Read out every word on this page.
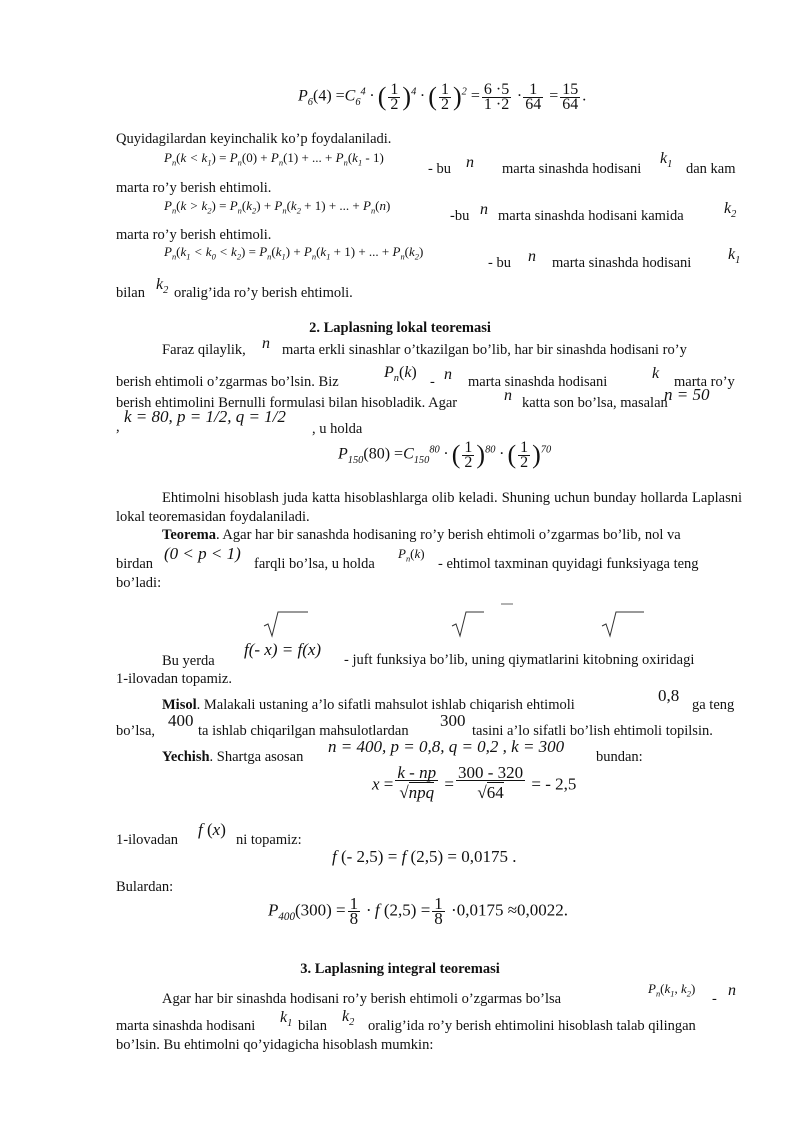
$P_6(4) =C_6^4$ · ( $\frac{1}{2} )^4$ · ( $\frac{1}{2} )^2 = \frac{6 \cdot 5}{1 \cdot 2} \cdot \frac{1}{64} = \frac{15}{64}$ .
Quyidagilardan keyinchalik ko’p foydalaniladi.
$P_n(k < k_1) = P_n(0) + P_n(1)$ + ... + $P_n(k_1 - 1)$
- bu n marta sinashda hodisani
$k_1$ dan kam
marta ro’y berish ehtimoli.
$P_n(k > k_2) = P_n(k_2) + P_n(k_2 + 1)$ + ... + $P_n(n)$
-bu n marta sinashda hodisani kamida	$k_2$
marta ro’y berish ehtimoli.
$P_n(k_1 < k_0 < k_2) = P_n(k_1) + P_n(k_1 + 1)$ + ... + $P_n(k_2)$
- bu n marta sinashda hodisani $k_1$
bilan $k_2$ oralig’ida ro’y berish ehtimoli.
2. Laplasning lokal teoremasi
Faraz qilaylik, n marta erkli sinashlar o’tkazilgan bo’lib, har bir sinashda hodisani ro’y
berish ehtimoli o’zgarmas bo’lsin. Biz
$P_n(k)$
- n marta sinashda hodisani	k marta ro’y
berish ehtimolini Bernulli formulasi bilan hisobladik. Agar	n katta son bo’lsa, masalan
n = 50
,
k = 80, p = 1/2, q = 1/2
, u holda
$P_{150}(80) =C_{150}^{80}$ · ( $\frac{1}{2} )^{80}$ · ( $\frac{1}{2} )^{70}$
Ehtimolni hisoblash juda katta hisoblashlarga olib keladi. Shuning uchun bunday hollarda Laplasni lokal teoremasidan foydalaniladi.
Teorema. Agar har bir sanashda hodisaning ro’y berish ehtimoli o’zgarmas bo’lib, nol va
birdan
(0 < p < 1)
farqli bo’lsa, u holda
$P_n(k)$
- ehtimol taxminan quyidagi funksiyaga teng
bo’ladi:
Bu yerda
f(- x) = f(x)
- juft funksiya bo’lib, uning qiymatlarini kitobning oxiridagi
1-ilovadan topamiz.
Misol. Malakali ustaning a’lo sifatli mahsulot ishlab chiqarish ehtimoli	0,8 ga teng
bo’lsa,
400
ta ishlab chiqarilgan mahsulotlardan
300
tasini a’lo sifatli bo’lish ehtimoli topilsin.
Yechish. Shartga asosan
n = 400, p = 0,8, q = 0,2 , k = 300
bundan:
$x = \frac{k - np}{\text{√npq}} = \frac{300 - 320}{√64}$ = - 2,5
1-ilovadan
f (x)
ni topamiz:
f (- 2,5) = f (2,5) = 0,0175 .
Bulardan:
$P_{400}(300) = \frac{1}{8} \cdot f$ $(2,5) = \frac{1}{8} \cdot 0,0175 \approx 0,0022$.
3. Laplasning integral teoremasi
Agar har bir sinashda hodisani ro’y berish ehtimoli o’zgarmas bo’lsa
$P_n(k_1$, $k_2$)
- n
marta sinashda hodisani $k_1$ bilan
$k_2$ oralig’ida ro’y berish ehtimolini hisoblash talab qilingan
bo’lsin. Bu ehtimolni qo’yidagicha hisoblash mumkin:
